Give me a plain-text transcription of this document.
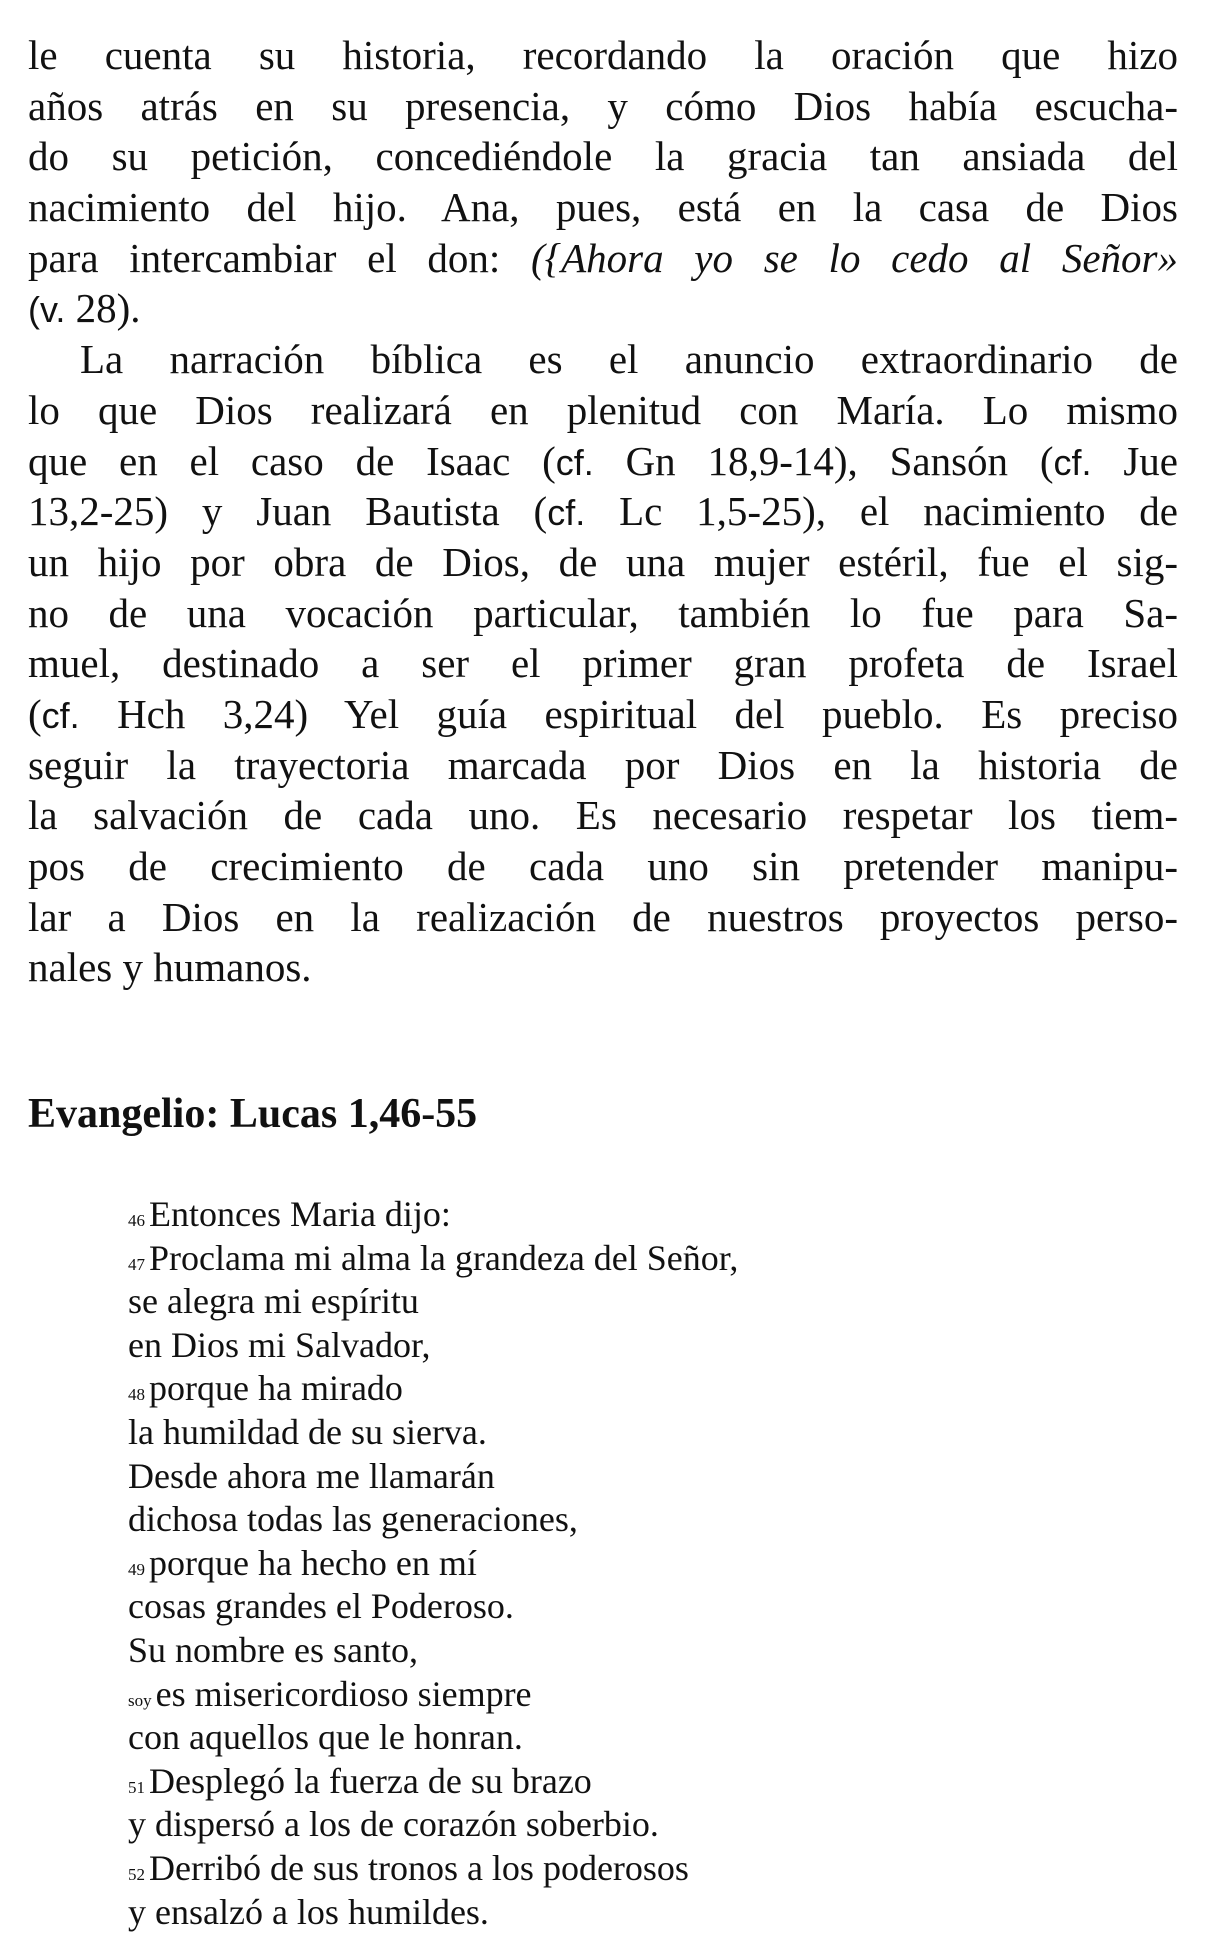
le cuenta su historia, recordando la oración que hizo
años atrás en su presencia, y cómo Dios había escucha-
do su petición, concediéndole la gracia tan ansiada del
nacimiento del hijo. Ana, pues, está en la casa de Dios
para intercambiar el don: ({Ahora yo se lo cedo al Señor»
(v. 28).
La narración bíblica es el anuncio extraordinario de
lo que Dios realizará en plenitud con María. Lo mismo
que en el caso de Isaac (cf. Gn 18,9-14), Sansón (cf. Jue
13,2-25) y Juan Bautista (cf. Lc 1,5-25), el nacimiento de
un hijo por obra de Dios, de una mujer estéril, fue el sig-
no de una vocación particular, también lo fue para Sa-
muel, destinado a ser el primer gran profeta de Israel
(cf. Hch 3,24) Yel guía espiritual del pueblo. Es preciso
seguir la trayectoria marcada por Dios en la historia de
la salvación de cada uno. Es necesario respetar los tiem-
pos de crecimiento de cada uno sin pretender manipu-
lar a Dios en la realización de nuestros proyectos perso-
nales y humanos.
Evangelio: Lucas 1,46-55
46 Entonces Maria dijo:
47 Proclama mi alma la grandeza del Señor,
se alegra mi espíritu
en Dios mi Salvador,
48 porque ha mirado
la humildad de su sierva.
Desde ahora me llamarán
dichosa todas las generaciones,
49 porque ha hecho en mí
cosas grandes el Poderoso.
Su nombre es santo,
soy es misericordioso siempre
con aquellos que le honran.
51 Desplegó la fuerza de su brazo
y dispersó a los de corazón soberbio.
52 Derribó de sus tronos a los poderosos
y ensalzó a los humildes.
